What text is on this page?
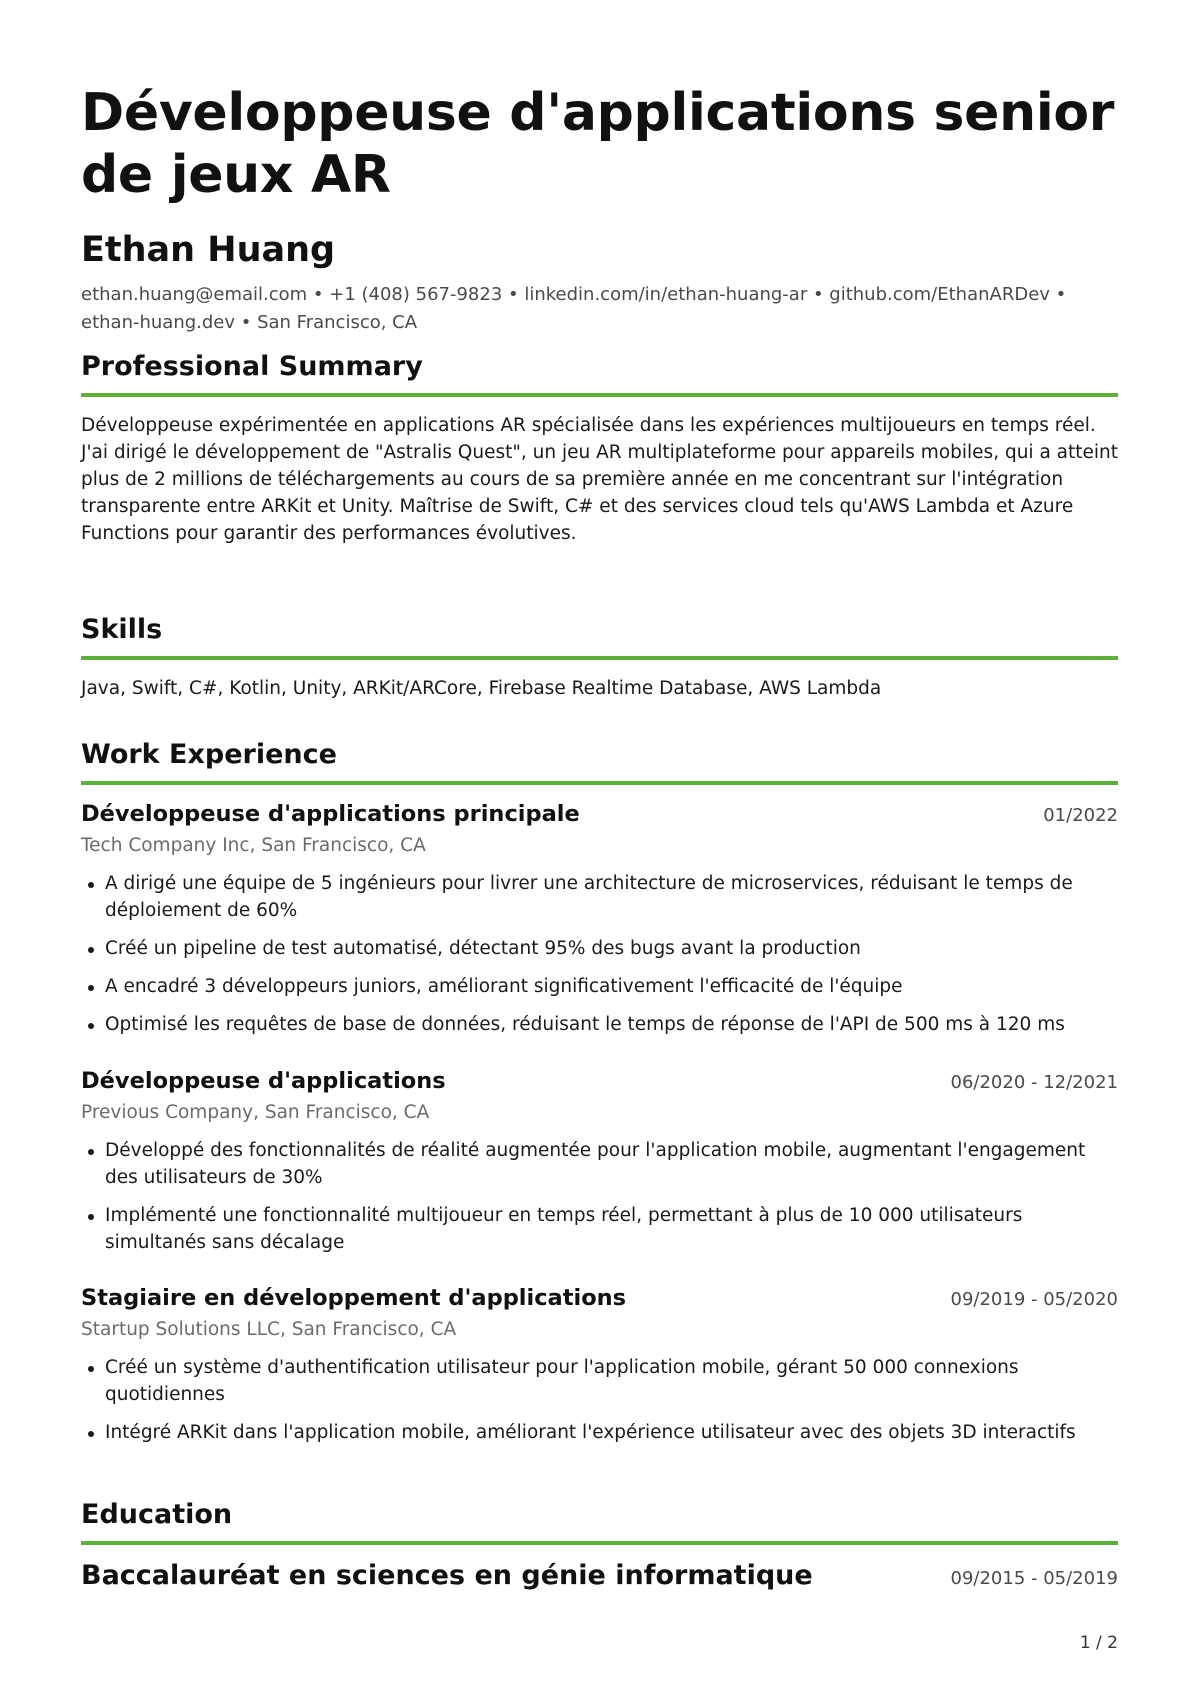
Développeuse d'applications senior de jeux AR
Ethan Huang
ethan.huang@email.com • +1 (408) 567-9823 • linkedin.com/in/ethan-huang-ar • github.com/EthanARDev • ethan-huang.dev • San Francisco, CA
Professional Summary
Développeuse expérimentée en applications AR spécialisée dans les expériences multijoueurs en temps réel. J'ai dirigé le développement de "Astralis Quest", un jeu AR multiplateforme pour appareils mobiles, qui a atteint plus de 2 millions de téléchargements au cours de sa première année en me concentrant sur l'intégration transparente entre ARKit et Unity. Maîtrise de Swift, C# et des services cloud tels qu'AWS Lambda et Azure Functions pour garantir des performances évolutives.
Skills
Java, Swift, C#, Kotlin, Unity, ARKit/ARCore, Firebase Realtime Database, AWS Lambda
Work Experience
Développeuse d'applications principale	01/2022
Tech Company Inc, San Francisco, CA
A dirigé une équipe de 5 ingénieurs pour livrer une architecture de microservices, réduisant le temps de déploiement de 60%
Créé un pipeline de test automatisé, détectant 95% des bugs avant la production
A encadré 3 développeurs juniors, améliorant significativement l'efficacité de l'équipe
Optimisé les requêtes de base de données, réduisant le temps de réponse de l'API de 500 ms à 120 ms
Développeuse d'applications	06/2020 - 12/2021
Previous Company, San Francisco, CA
Développé des fonctionnalités de réalité augmentée pour l'application mobile, augmentant l'engagement des utilisateurs de 30%
Implémenté une fonctionnalité multijoueur en temps réel, permettant à plus de 10 000 utilisateurs simultanés sans décalage
Stagiaire en développement d'applications	09/2019 - 05/2020
Startup Solutions LLC, San Francisco, CA
Créé un système d'authentification utilisateur pour l'application mobile, gérant 50 000 connexions quotidiennes
Intégré ARKit dans l'application mobile, améliorant l'expérience utilisateur avec des objets 3D interactifs
Education
Baccalauréat en sciences en génie informatique	09/2015 - 05/2019
1 / 2
